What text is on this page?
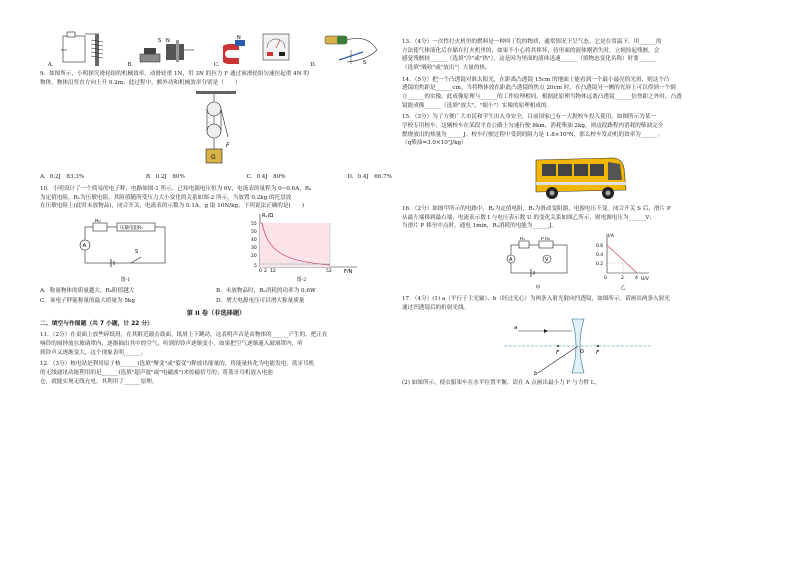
A.	B.
S N
C.
N
D.	S
9．如图所示，小明探究滑轮组的机械效率，动滑轮重 1N，用 3N 的拉力 F 通过该滑轮组匀速拉起重 4N 的
物体，物体沿竖直方向上升 0.2m。此过程中，额外功和机械效率分别是（　　）
F
G
A．0.2J　83.3%	B．0.2J　80%	C．0.4J　80%	D．0.4J　66.7%
10．小明设计了一个简易的电子秤，电路如图-1 所示。已知电源电压恒为 6V，电流表的量程为 0~0.6A，R₀
为定值电阻，Rₓ为压敏电阻，其阻值随所受压力大小变化的关系如图-2 所示。当放置 0.2kg 的托盘放
在压敏电阻上(此时未放物品)，闭合开关，电流表的示数为 0.1A。g 取 10N/kg，下列说法正确的是(　　)
R₀
压敏电阻Rₓ
A
S
图-1
Rₓ/Ω
F/N
55
50
40
30
20
5
0 2 12	52
图-2
A．称量物体的质量越大，R₀阻值越大	B．未放物品时，R₀消耗的功率为 0.6W
C．该电子秤能称量的最大质量为 5kg	D．增大电源电压可以增大称量质量
第 II 卷（非选择题）
二、填空与作图题（共 7 小题，计 22 分）
11．（2分）在桌面上放些碎纸屑，在其附近敲击鼓面，纸屑上下跳动，这表明声音是由物体的______产生的。把正在
响铃的闹钟放在玻璃罩内，逐渐抽出其中的空气，听到的铃声逐渐变小，如果把空气逐渐通入玻璃罩内，听
到铃声又逐渐变大，这个现象表明______。
12．（3分）核电站是利用原子核______(选填"聚变"或"裂变")释放出能量的，将能量转化为电能发电。蓝牙耳机
的无线通讯功能利用的是______(选填"超声波"或"电磁波")来传输信号的；将蓝牙耳机放入电池
仓，就能实现无线充电，其利用了______原理。
13．（4分）一次性打火机里的燃料是一种叫丁烷的物质，通常情况下呈气态。它是在常温下，用______的
方法使气体液化后存储在打火机里的；如果不小心将其摔坏，待里面的液体刚消失时，立刻捡起残骸，会
感觉残骸较______（选填"冷"或"热"），这是因为里面的液体迅速______（填物态变化名称）时要______
（选填"吸收"或"放出"）大量的热。
14．（5分）把一个凸透镜对准太阳光，在距离凸透镜 15cm 的地面上能看到一个最小最亮的光斑，则这个凸
透镜的焦距是______cm。当将物体放在距此凸透镜的焦点 20cm 时，在凸透镜另一侧的光屏上可以得到一个倒
立______的实像。此成像原理与______的工作原理相同。根据此原理当物体远离凸透镜______倍焦距之外时，凸透
镜能成像______（选填"放大"、"缩小"）实像的原理相成的。
15．（3分）为了方便广大市民和学生出入身安全，目前国家已有一大批校车投入使用。如图所示为某一
学校专用校车，这辆校车在某段平直公路上匀速行驶 8km，消耗柴油 2kg，则这段路程内消耗的柴油完全
燃烧放出的热量为______J；校车行驶过程中受到的阻力是 1.8×10³N，那么校车发动机的效率为______。
（q柴油=3.0×10⁷J/kg）
16．（2分）如图甲所示的电路中，R₁为定值电阻，R₂为滑动变阻器，电源电压不变。闭合开关 S 后，滑片 P
从最左端移到最右端，电流表示数 I 与电压表示数 U 的变化关系如图乙所示，则电源电压为______V；
当滑片 P 移至中点时，通电 1min，R₂消耗的电能为______J。
R₁	P R₂
A	V
甲
I/A
U/V
0.6
0.4
0.2
0	2 4
乙
17．（4分）(1) a（平行于主光轴）、b（经过光心）为两条入射光射向凹透镜，如图所示。请画出两条入射光
通过凹透镜后的折射光线。
a
b
F	F
O
(2) 如图所示，使衣服架车在水平位置平衡，请在 A 点画出最小力 F 与力臂 L。
